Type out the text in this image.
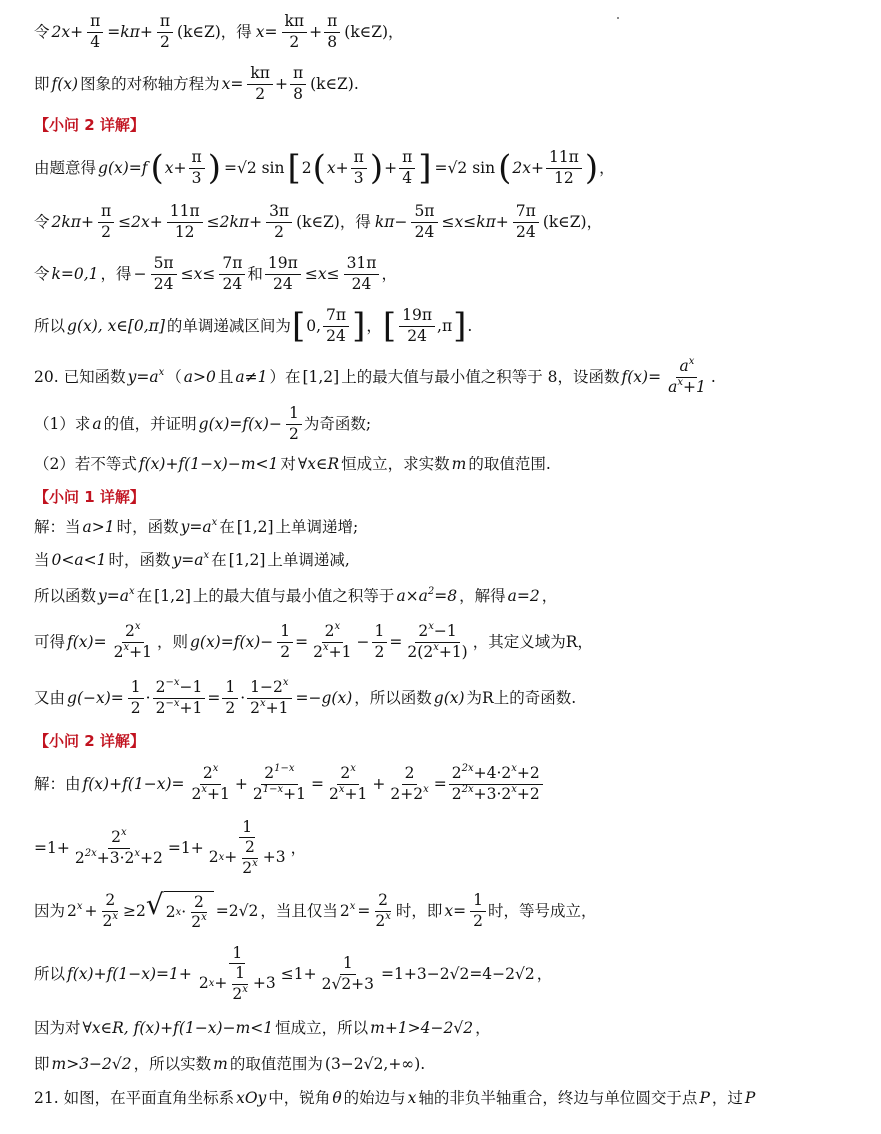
令 $2x+ \frac{\pi}{4} =k\pi+ \frac{\pi}{2}$ (k∈Z)，得 $x= \frac{k\pi}{2} + \frac{\pi}{8}$ (k∈Z)，
即 f(x) 图象的对称轴方程为 $x= \frac{k\pi}{2} + \frac{\pi}{8}$ (k∈Z).
【小问 2 详解】
由题意得 g(x)=f ( $x+ \frac{\pi}{3}$ ) =√2 sin [ 2 ( $x+ \frac{\pi}{3}$ ) + $\frac{\pi}{4}$ ] =√2 sin ( $2x+ \frac{11\pi}{12}$ ) ，
令 $2k\pi+ \frac{\pi}{2} \le 2x+ \frac{11\pi}{12} \le 2k\pi+ \frac{3\pi}{2}$ (k∈Z)，得 $k\pi- \frac{5\pi}{24} \le x\le k\pi+ \frac{7\pi}{24}$ (k∈Z)，
令 k=0,1 ，得 − $\frac{5\pi}{24} \le x\le \frac{7\pi}{24}$ 和 $\frac{19\pi}{24} \le x\le \frac{31\pi}{24}$ ，
所以 g(x), x∈[0,π] 的单调递减区间为 [ 0, $\frac{7\pi}{24}$ ] ， [ $\frac{19\pi}{24} ,\pi$ ] .
20. 已知函数 $y=a^x$ （ a>0 且 a≠1 ）在 [1,2] 上的最大值与最小值之积等于 8，设函数 $f(x)= \frac{a^x}{a^x+1}$ .
（1）求 a 的值，并证明 $g(x)=f(x)- \frac{1}{2}$ 为奇函数;
（2）若不等式 f(x)+f(1−x)−m<1 对 ∀x∈R 恒成立，求实数 m 的取值范围.
【小问 1 详解】
解：当 a>1 时，函数 $y=a^x$ 在 [1,2] 上单调递增;
当 0<a<1 时，函数 $y=a^x$ 在 [1,2] 上单调递减,
所以函数 $y=a^x$ 在 [1,2] 上的最大值与最小值之积等于 $a\times a^2=8$ ，解得 a=2 ，
可得 $f(x)= \frac{2^x}{2^x+1}$ ，则 $g(x)=f(x)- \frac{1}{2} = \frac{2^x}{2^x+1} - \frac{1}{2} = \frac{2^x-1}{2(2^x+1)}$ ，其定义域为R，
又由 $g(-x)= \frac{1}{2} \cdot \frac{2^{-x}-1}{2^{-x}+1} = \frac{1}{2} \cdot \frac{1-2^x}{2^x+1} =-g(x)$ ，所以函数 g(x) 为R上的奇函数.
【小问 2 详解】
解：由 $f(x)+f(1-x)= \frac{2^x}{2^x+1} + \frac{2^{1-x}}{2^{1-x}+1} = \frac{2^x}{2^x+1} + \frac{2}{2+2^x} = \frac{2^{2x}+4\cdot 2^x+2}{2^{2x}+3\cdot 2^x+2}$
$=1+ \frac{2^x}{2^{2x}+3\cdot 2^x+2} =1+ \frac{1}{2 x + \frac{2}{2^x} +3}$ ，
因为 $2^x + \frac{2}{2^x} \ge 2$ √ 2 $x \cdot \frac{2}{2^x} =2√2$ ，当且仅当 $2^x = \frac{2}{2^x}$ 时，即 $x= \frac{1}{2}$ 时，等号成立，
所以 $f(x)+f(1-x)=1+ \frac{1}{2 x + \frac{1}{2^x} +3} \le 1+ \frac{1}{2√2+3} =1+3-2√2=4-2√2$ ，
因为对 ∀x∈R, f(x)+f(1−x)−m<1 恒成立，所以 m+1>4−2√2 ，
即 m>3−2√2 ，所以实数 m 的取值范围为 (3−2√2,+∞).
21. 如图，在平面直角坐标系 xOy 中，锐角 θ 的始边与 x 轴的非负半轴重合，终边与单位圆交于点 P ，过 P
